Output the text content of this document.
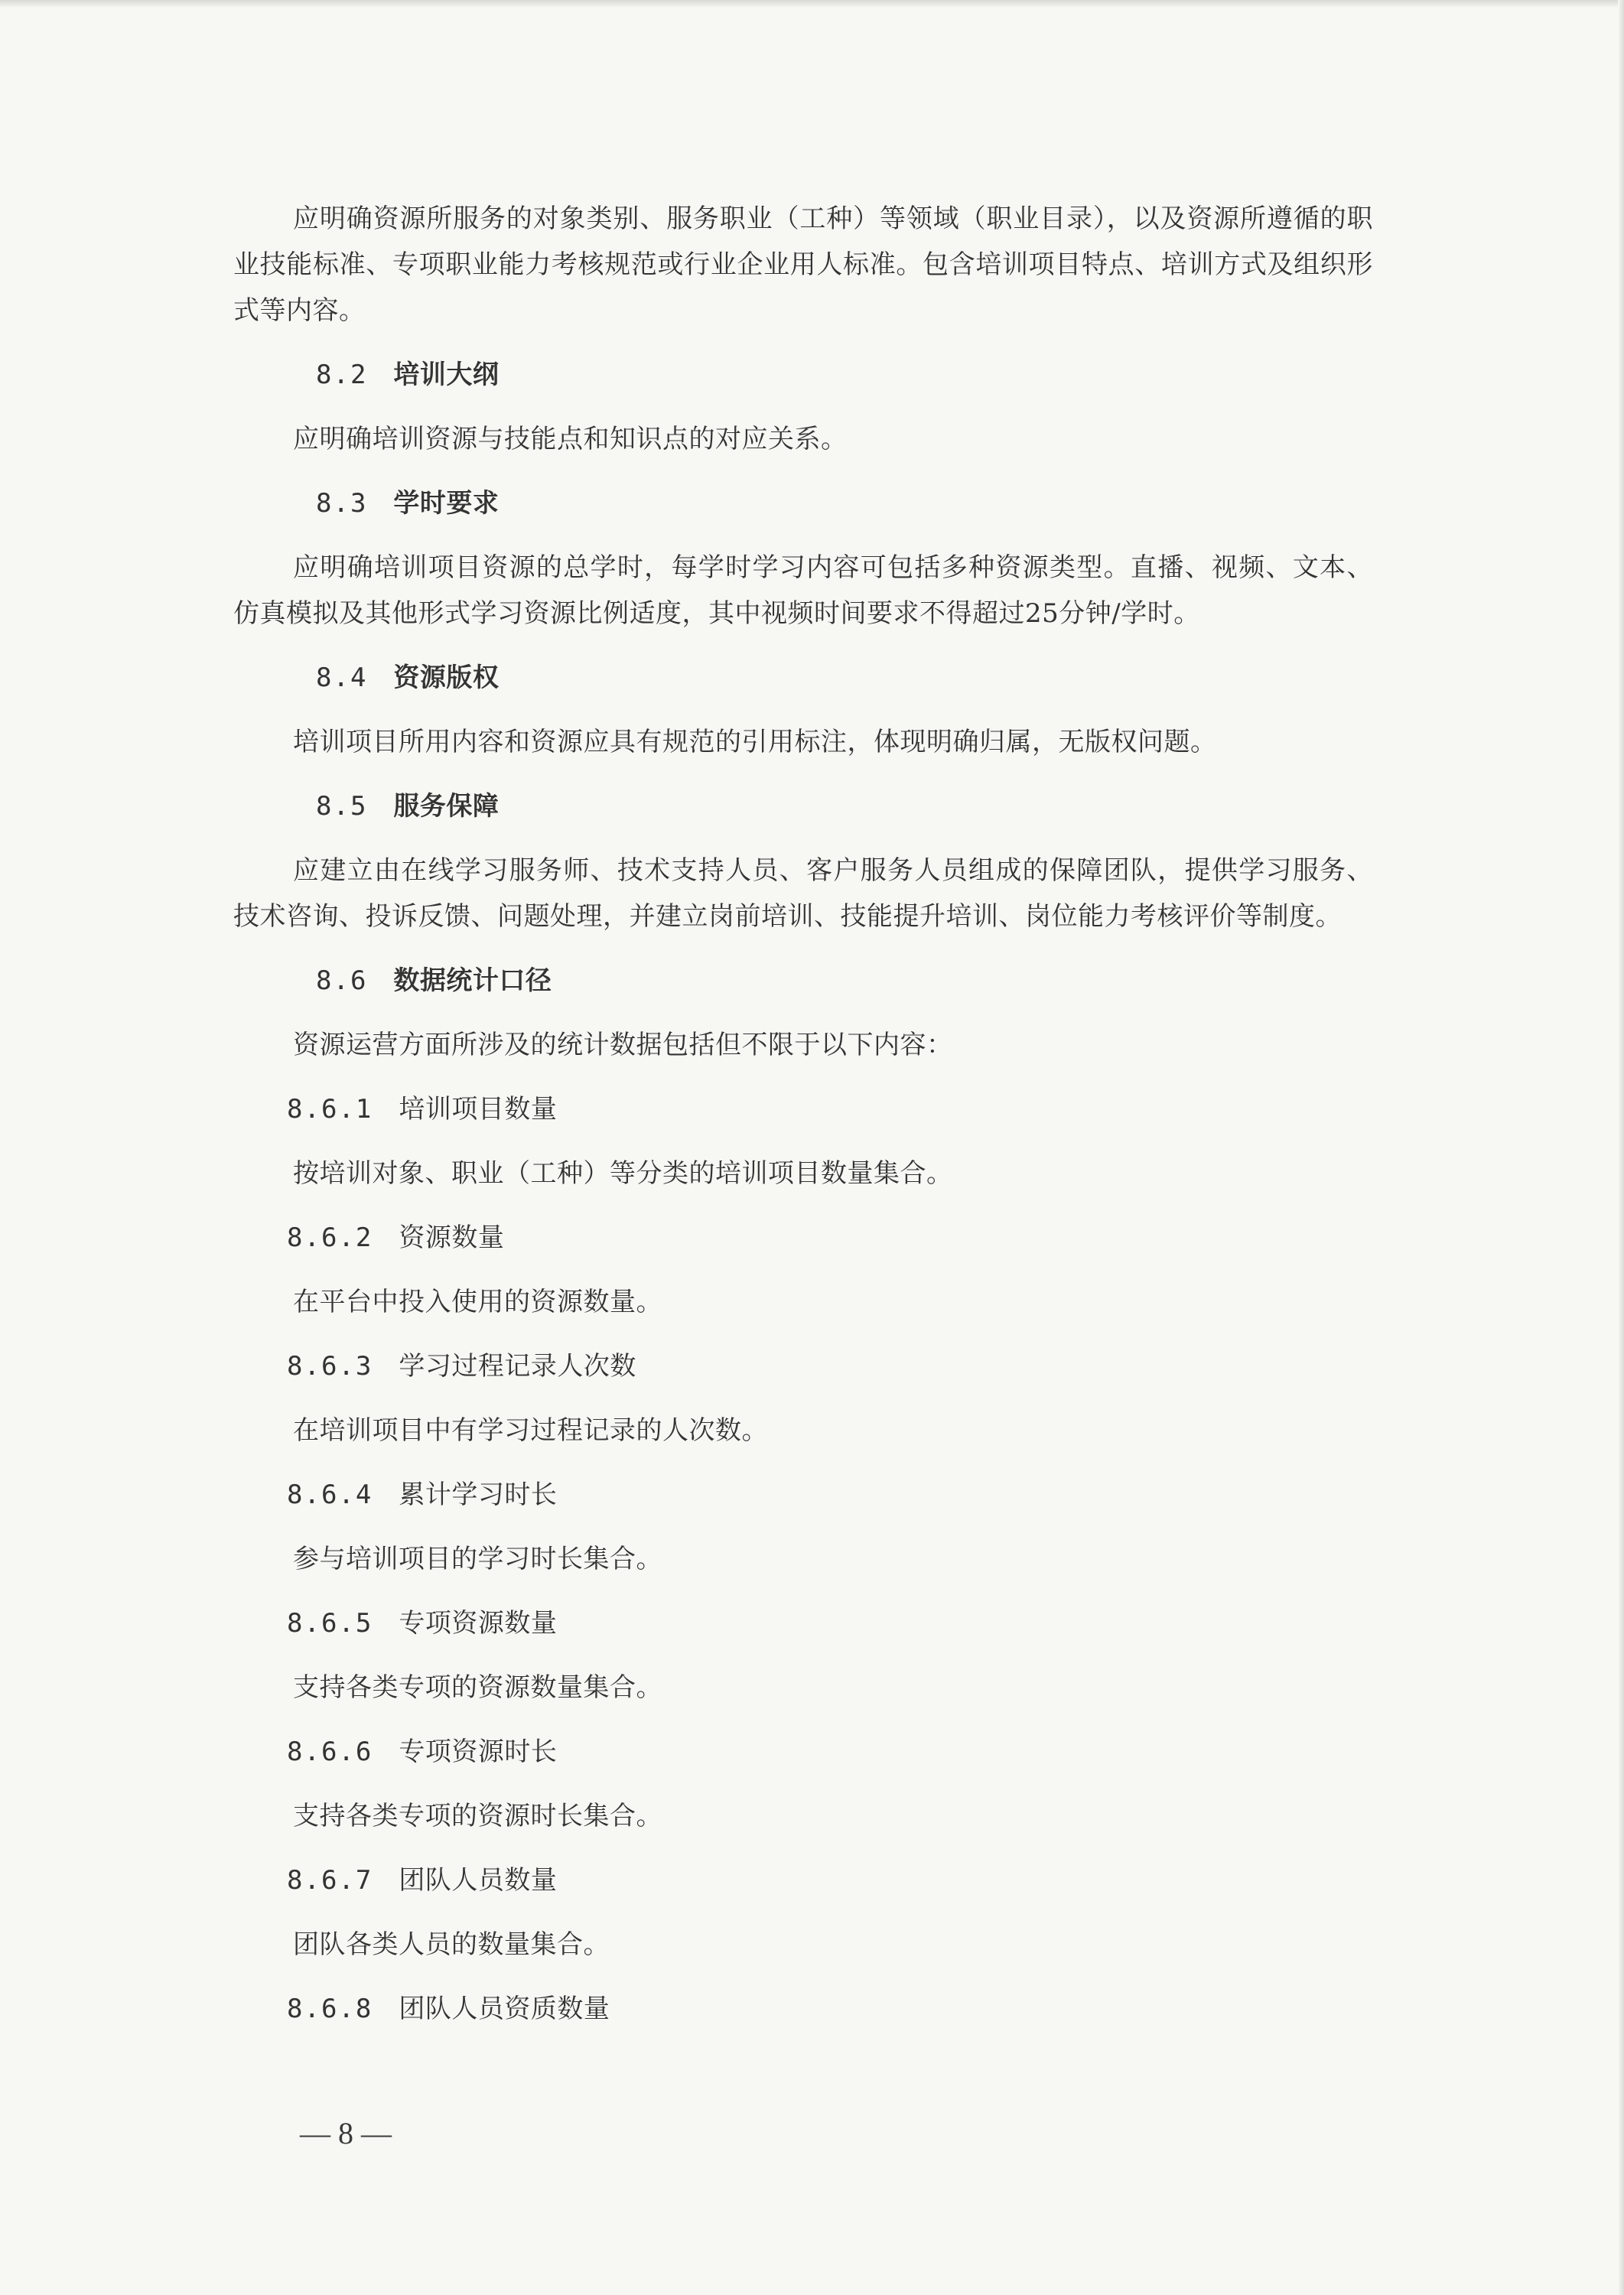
应明确资源所服务的对象类别、服务职业（工种）等领域（职业目录），以及资源所遵循的职业技能标准、专项职业能力考核规范或行业企业用人标准。包含培训项目特点、培训方式及组织形式等内容。

8.2 培训大纲

应明确培训资源与技能点和知识点的对应关系。

8.3 学时要求

应明确培训项目资源的总学时，每学时学习内容可包括多种资源类型。直播、视频、文本、仿真模拟及其他形式学习资源比例适度，其中视频时间要求不得超过25分钟/学时。

8.4 资源版权

培训项目所用内容和资源应具有规范的引用标注，体现明确归属，无版权问题。

8.5 服务保障

应建立由在线学习服务师、技术支持人员、客户服务人员组成的保障团队，提供学习服务、技术咨询、投诉反馈、问题处理，并建立岗前培训、技能提升培训、岗位能力考核评价等制度。

8.6 数据统计口径

资源运营方面所涉及的统计数据包括但不限于以下内容：

8.6.1 培训项目数量

按培训对象、职业（工种）等分类的培训项目数量集合。

8.6.2 资源数量

在平台中投入使用的资源数量。

8.6.3 学习过程记录人次数

在培训项目中有学习过程记录的人次数。

8.6.4 累计学习时长

参与培训项目的学习时长集合。

8.6.5 专项资源数量

支持各类专项的资源数量集合。

8.6.6 专项资源时长

支持各类专项的资源时长集合。

8.6.7 团队人员数量

团队各类人员的数量集合。

8.6.8 团队人员资质数量
— 8 —
